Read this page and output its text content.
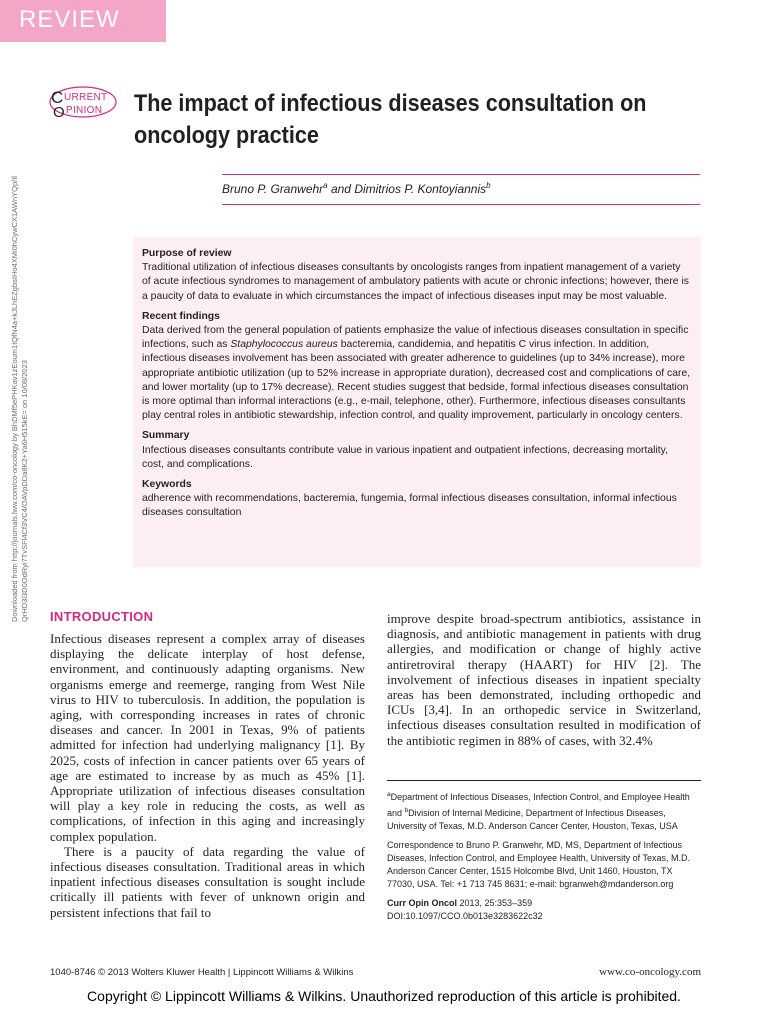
REVIEW
C
O
URRENT
PINION The impact of infectious diseases consultation on oncology practice
Bruno P. Granwehr$^a$ and Dimitrios P. Kontoyiannis$^b$
Downloaded from http://journals.lww.com/co-oncology by BhDMf5ePHKav1zEoum1tQfN4a+kJLhEZgbsIHo4XMi0hCywCX1AWnYQp/IlQrHD3i3D0OdRyi7TvSFl4Cf3VC4/OAVpDDa8K2+Ya6H515kE= on 10/08/2023
Purpose of review

Traditional utilization of infectious diseases consultants by oncologists ranges from inpatient management of a variety of acute infectious syndromes to management of ambulatory patients with acute or chronic infections; however, there is a paucity of data to evaluate in which circumstances the impact of infectious diseases input may be most valuable.

Recent findings

Data derived from the general population of patients emphasize the value of infectious diseases consultation in specific infections, such as Staphylococcus aureus bacteremia, candidemia, and hepatitis C virus infection. In addition, infectious diseases involvement has been associated with greater adherence to guidelines (up to 34% increase), more appropriate antibiotic utilization (up to 52% increase in appropriate duration), decreased cost and complications of care, and lower mortality (up to 17% decrease). Recent studies suggest that bedside, formal infectious diseases consultation is more optimal than informal interactions (e.g., e-mail, telephone, other). Furthermore, infectious diseases consultants play central roles in antibiotic stewardship, infection control, and quality improvement, particularly in oncology centers.

Summary

Infectious diseases consultants contribute value in various inpatient and outpatient infections, decreasing mortality, cost, and complications.

Keywords

adherence with recommendations, bacteremia, fungemia, formal infectious diseases consultation, informal infectious diseases consultation

INTRODUCTION

Infectious diseases represent a complex array of diseases displaying the delicate interplay of host defense, environment, and continuously adapting organisms. New organisms emerge and reemerge, ranging from West Nile virus to HIV to tuberculosis. In addition, the population is aging, with corresponding increases in rates of chronic diseases and cancer. In 2001 in Texas, 9% of patients admitted for infection had underlying malignancy [1]. By 2025, costs of infection in cancer patients over 65 years of age are estimated to increase by as much as 45% [1]. Appropriate utilization of infectious diseases consultation will play a key role in reducing the costs, as well as complications, of infection in this aging and increasingly complex population.

There is a paucity of data regarding the value of infectious diseases consultation. Traditional areas in which inpatient infectious diseases consultation is sought include critically ill patients with fever of unknown origin and persistent infections that fail to

improve despite broad-spectrum antibiotics, assistance in diagnosis, and antibiotic management in patients with drug allergies, and modification or change of highly active antiretroviral therapy (HAART) for HIV [2]. The involvement of infectious diseases in inpatient specialty areas has been demonstrated, including orthopedic and ICUs [3,4]. In an orthopedic service in Switzerland, infectious diseases consultation resulted in modification of the antibiotic regimen in 88% of cases, with 32.4%

$^a$Department of Infectious Diseases, Infection Control, and Employee Health and $^b$Division of Internal Medicine, Department of Infectious Diseases, University of Texas, M.D. Anderson Cancer Center, Houston, Texas, USA

Correspondence to Bruno P. Granwehr, MD, MS, Department of Infectious Diseases, Infection Control, and Employee Health, University of Texas, M.D. Anderson Cancer Center, 1515 Holcombe Blvd, Unit 1460, Houston, TX 77030, USA. Tel: +1 713 745 8631; e-mail: bgranweh@mdanderson.org

Curr Opin Oncol 2013, 25:353–359

DOI:10.1097/CCO.0b013e3283622c32

1040-8746 © 2013 Wolters Kluwer Health | Lippincott Williams & Wilkins	www.co-oncology.com
Copyright © Lippincott Williams & Wilkins. Unauthorized reproduction of this article is prohibited.
